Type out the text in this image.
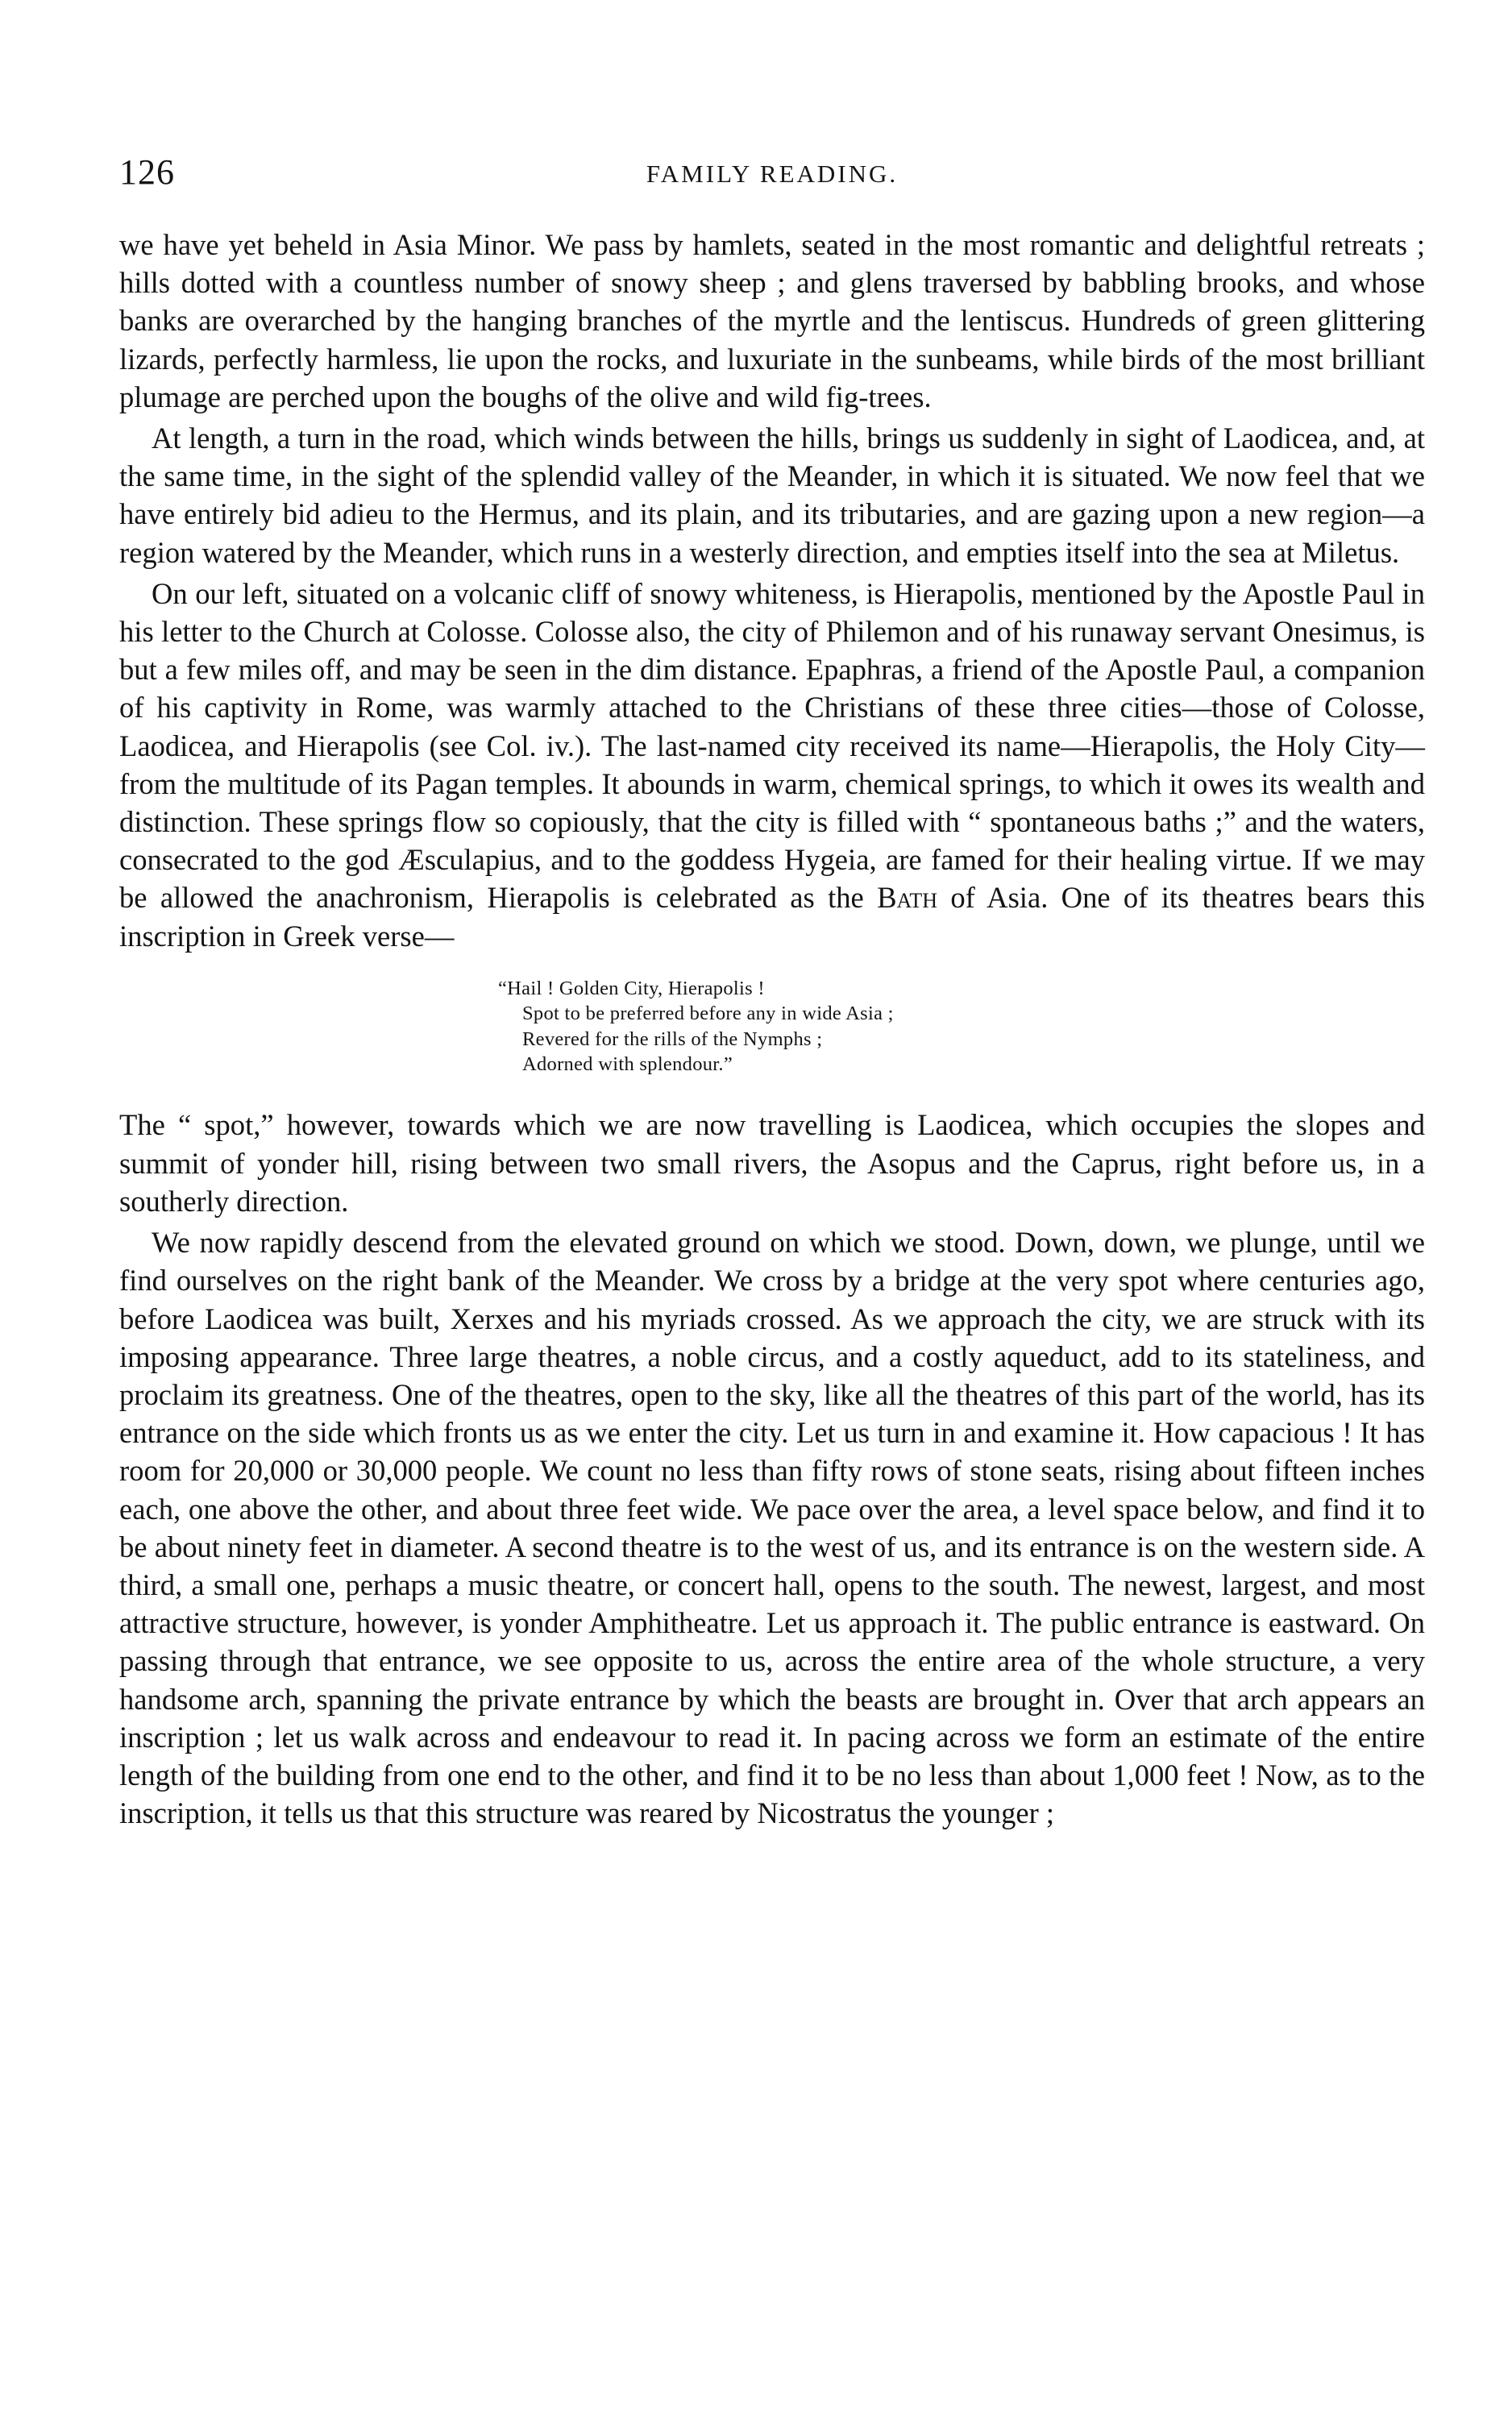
126	FAMILY READING.

we have yet beheld in Asia Minor. We pass by hamlets, seated in the most romantic and delightful retreats ; hills dotted with a countless number of snowy sheep ; and glens traversed by babbling brooks, and whose banks are overarched by the hanging branches of the myrtle and the lentiscus. Hundreds of green glittering lizards, perfectly harmless, lie upon the rocks, and luxuriate in the sunbeams, while birds of the most brilliant plumage are perched upon the boughs of the olive and wild fig-trees.

At length, a turn in the road, which winds between the hills, brings us suddenly in sight of Laodicea, and, at the same time, in the sight of the splendid valley of the Meander, in which it is situated. We now feel that we have entirely bid adieu to the Hermus, and its plain, and its tributaries, and are gazing upon a new region—a region watered by the Meander, which runs in a westerly direction, and empties itself into the sea at Miletus.

On our left, situated on a volcanic cliff of snowy whiteness, is Hierapolis, mentioned by the Apostle Paul in his letter to the Church at Colosse. Colosse also, the city of Philemon and of his runaway servant Onesimus, is but a few miles off, and may be seen in the dim distance. Epaphras, a friend of the Apostle Paul, a companion of his captivity in Rome, was warmly attached to the Christians of these three cities—those of Colosse, Laodicea, and Hierapolis (see Col. iv.). The last-named city received its name—Hierapolis, the Holy City—from the multitude of its Pagan temples. It abounds in warm, chemical springs, to which it owes its wealth and distinction. These springs flow so copiously, that the city is filled with “ spontaneous baths ;” and the waters, consecrated to the god Æsculapius, and to the goddess Hygeia, are famed for their healing virtue. If we may be allowed the anachronism, Hierapolis is celebrated as the Bath of Asia. One of its theatres bears this inscription in Greek verse—

“Hail ! Golden City, Hierapolis !
Spot to be preferred before any in wide Asia ;
Revered for the rills of the Nymphs ;
Adorned with splendour.”

The “ spot,” however, towards which we are now travelling is Laodicea, which occupies the slopes and summit of yonder hill, rising between two small rivers, the Asopus and the Caprus, right before us, in a southerly direction.

We now rapidly descend from the elevated ground on which we stood. Down, down, we plunge, until we find ourselves on the right bank of the Meander. We cross by a bridge at the very spot where centuries ago, before Laodicea was built, Xerxes and his myriads crossed. As we approach the city, we are struck with its imposing appearance. Three large theatres, a noble circus, and a costly aqueduct, add to its stateliness, and proclaim its greatness. One of the theatres, open to the sky, like all the theatres of this part of the world, has its entrance on the side which fronts us as we enter the city. Let us turn in and examine it. How capacious ! It has room for 20,000 or 30,000 people. We count no less than fifty rows of stone seats, rising about fifteen inches each, one above the other, and about three feet wide. We pace over the area, a level space below, and find it to be about ninety feet in diameter. A second theatre is to the west of us, and its entrance is on the western side. A third, a small one, perhaps a music theatre, or concert hall, opens to the south. The newest, largest, and most attractive structure, however, is yonder Amphitheatre. Let us approach it. The public entrance is eastward. On passing through that entrance, we see opposite to us, across the entire area of the whole structure, a very handsome arch, spanning the private entrance by which the beasts are brought in. Over that arch appears an inscription ; let us walk across and endeavour to read it. In pacing across we form an estimate of the entire length of the building from one end to the other, and find it to be no less than about 1,000 feet ! Now, as to the inscription, it tells us that this structure was reared by Nicostratus the younger ;
